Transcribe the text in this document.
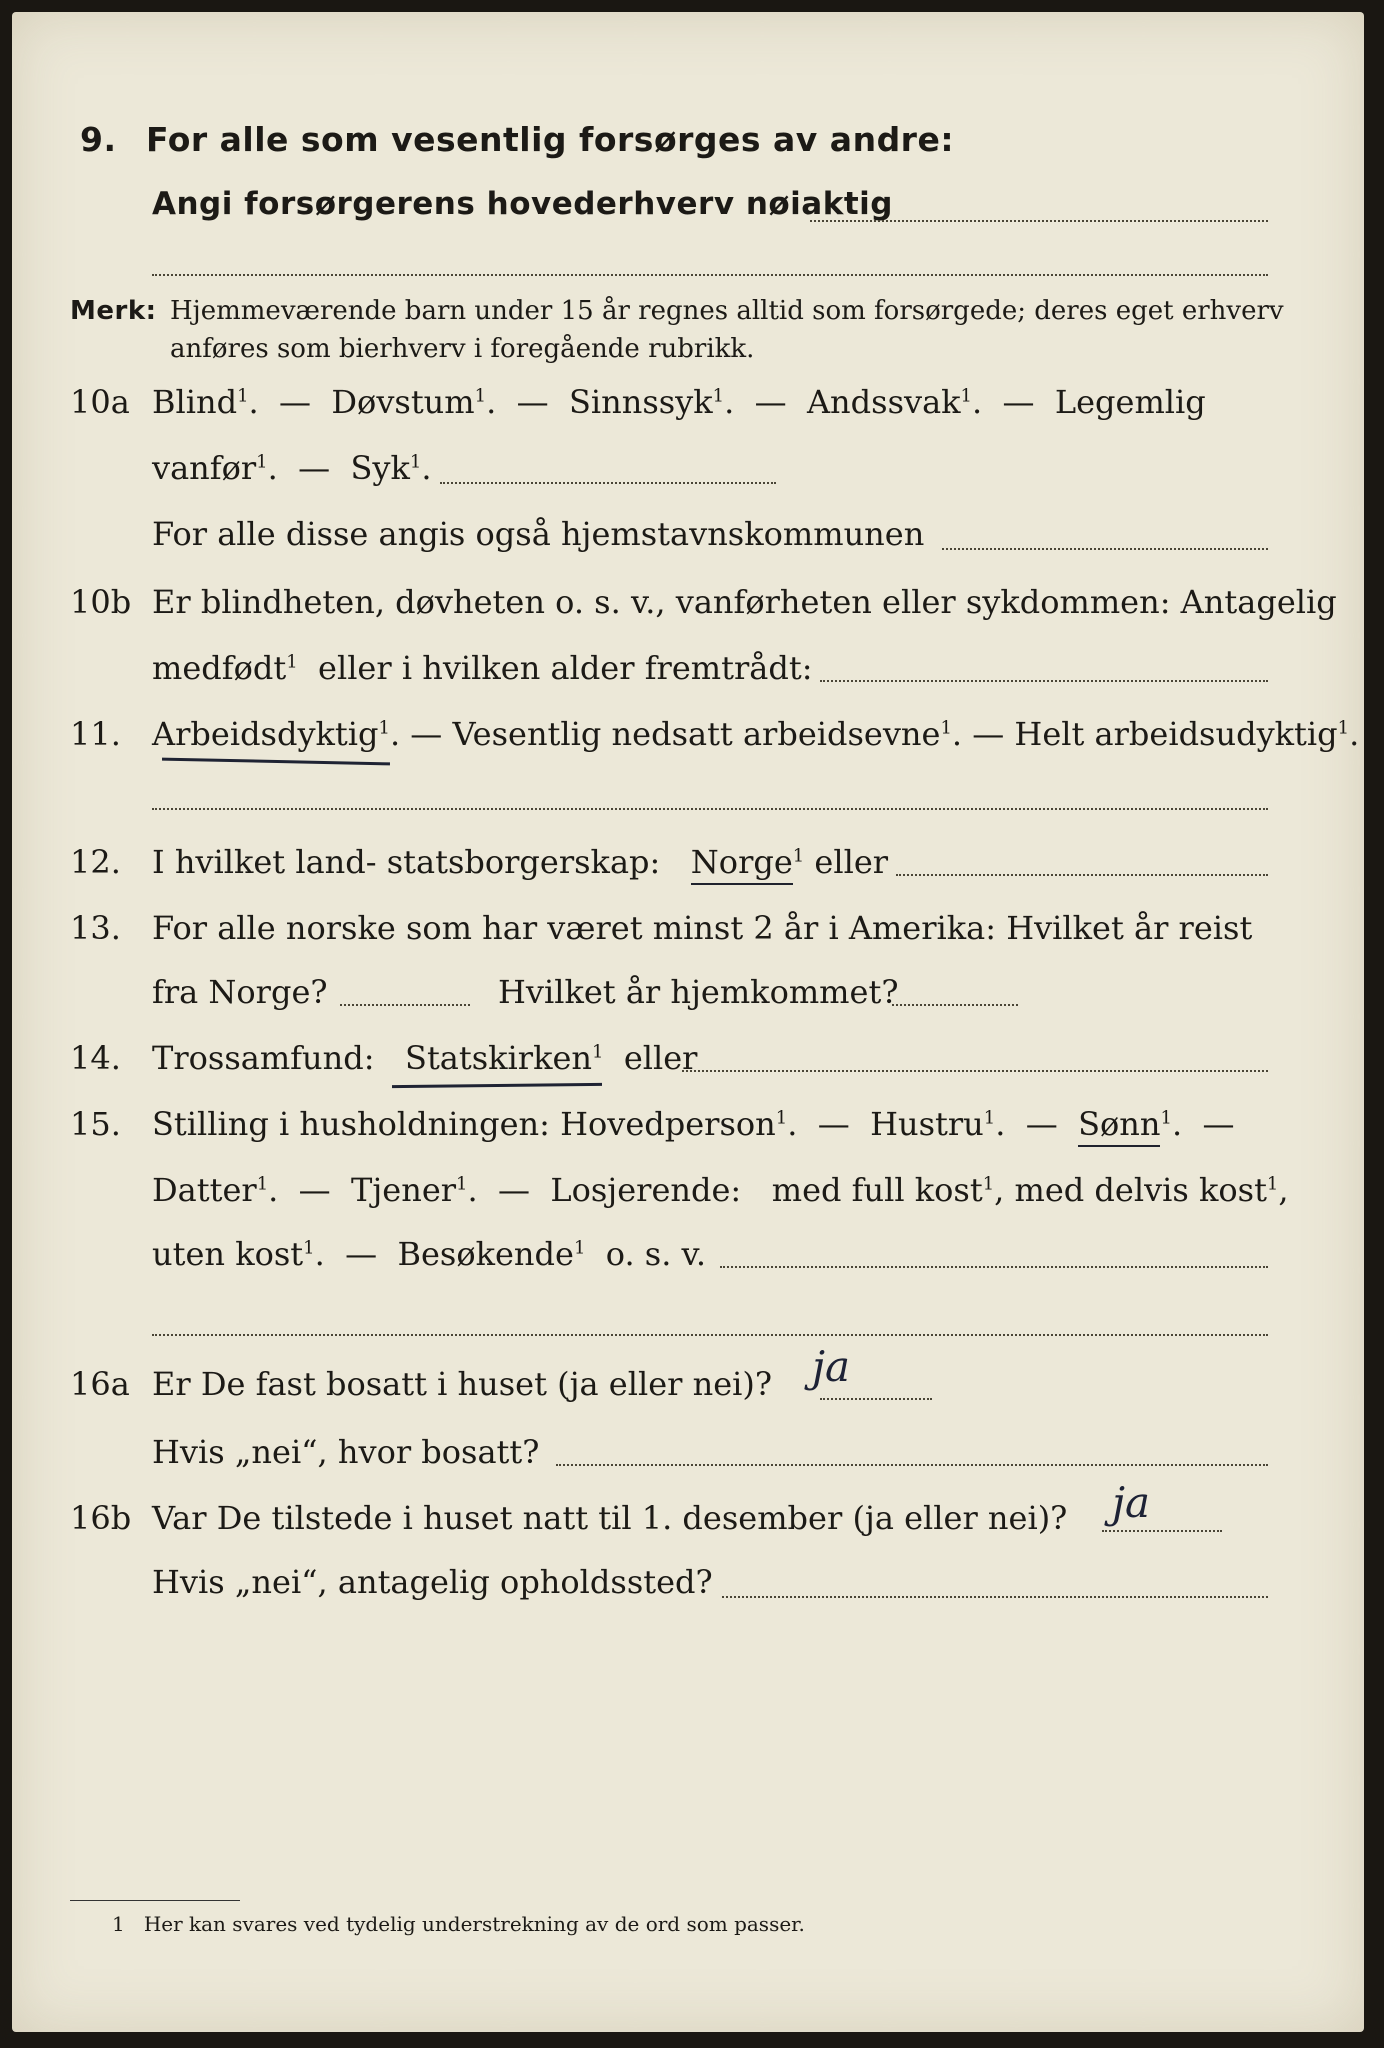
9. For alle som vesentlig forsørges av andre:
Angi forsørgerens hovederhverv nøiaktig
Merk: Hjemmeværende barn under 15 år regnes alltid som forsørgede; deres eget erhverv
anføres som bierhverv i foregående rubrikk.
10a Blind$^1$.  —  Døvstum$^1$.  —  Sinnssyk$^1$.  —  Andssvak$^1$.  —  Legemlig
vanfør$^1$.  —  Syk$^1$.
For alle disse angis også hjemstavnskommunen
10b Er blindheten, døvheten o. s. v., vanførheten eller sykdommen: Antagelig
medfødt$^1$ eller i hvilken alder fremtrådt:
11. Arbeidsdyktig$^1$. — Vesentlig nedsatt arbeidsevne$^1$. — Helt arbeidsudyktig$^1$.
12. I hvilket land- statsborgerskap: Norge$^1$ eller
13. For alle norske som har været minst 2 år i Amerika: Hvilket år reist
fra Norge?	Hvilket år hjemkommet?
14. Trossamfund: Statskirken$^1$ eller
15. Stilling i husholdningen: Hovedperson$^1$.  —  Hustru$^1$.  —  Sønn$^1$.  —
Datter$^1$.  —  Tjener$^1$.  —  Losjerende: med full kost$^1$, med delvis kost$^1$,
uten kost$^1$.  —  Besøkende$^1$ o. s. v.
16a Er De fast bosatt i huset (ja eller nei)? ja
Hvis „nei“, hvor bosatt?
16b Var De tilstede i huset natt til 1. desember (ja eller nei)? ja
Hvis „nei“, antagelig opholdssted?
1 Her kan svares ved tydelig understrekning av de ord som passer.
